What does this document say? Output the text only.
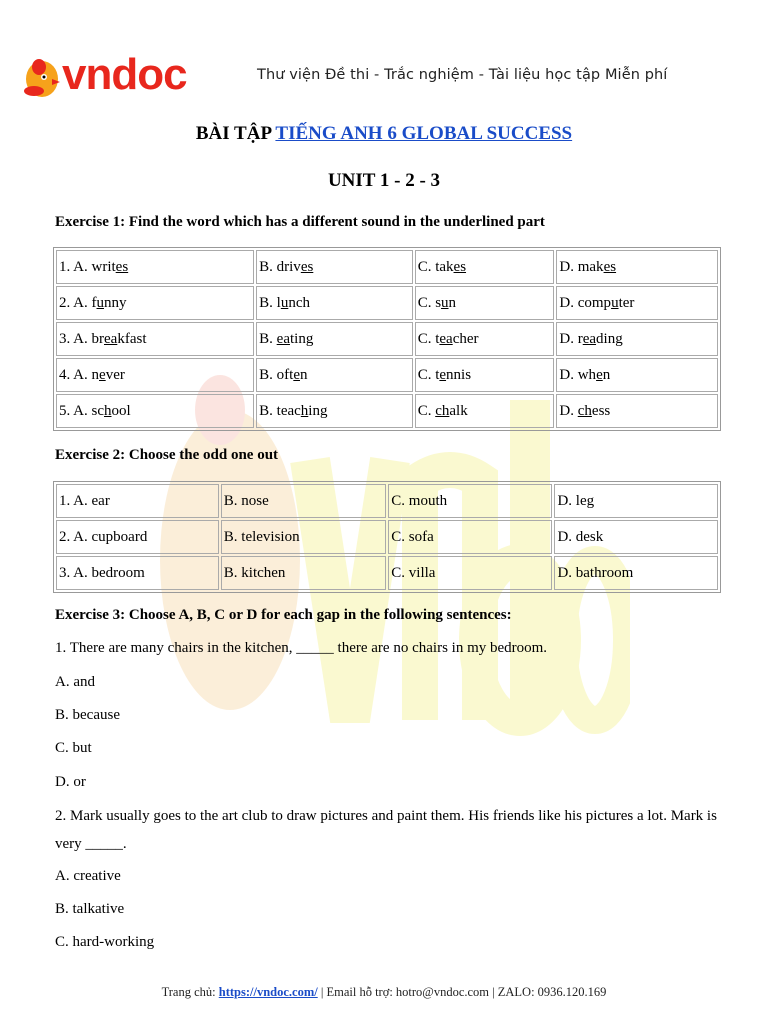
vndoc	Thư viện Đề thi - Trắc nghiệm - Tài liệu học tập Miễn phí
BÀI TẬP TIẾNG ANH 6 GLOBAL SUCCESS
UNIT 1 - 2 - 3
Exercise 1: Find the word which has a different sound in the underlined part
1. A. writes	B. drives	C. takes	D. makes
2. A. funny	B. lunch	C. sun	D. computer
3. A. breakfast	B. eating	C. teacher	D. reading
4. A. never	B. often	C. tennis	D. when
5. A. school	B. teaching	C. chalk	D. chess
Exercise 2: Choose the odd one out
1. A. ear	B. nose	C. mouth	D. leg
2. A. cupboard	B. television	C. sofa	D. desk
3. A. bedroom	B. kitchen	C. villa	D. bathroom
Exercise 3: Choose A, B, C or D for each gap in the following sentences:
1. There are many chairs in the kitchen, _____ there are no chairs in my bedroom.
A. and
B. because
C. but
D. or
2. Mark usually goes to the art club to draw pictures and paint them. His friends like his pictures a lot. Mark is very _____.
A. creative
B. talkative
C. hard-working
Trang chủ: https://vndoc.com/ | Email hỗ trợ: hotro@vndoc.com | ZALO: 0936.120.169
